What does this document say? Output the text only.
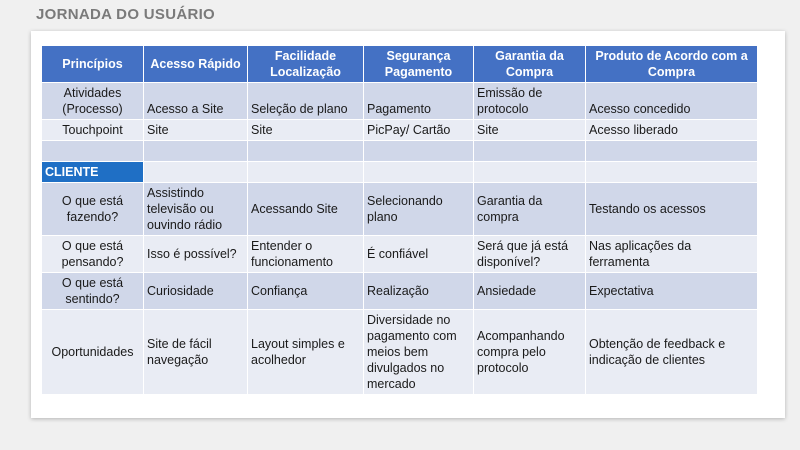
JORNADA DO USUÁRIO
Princípios	Acesso Rápido	Facilidade Localização	Segurança Pagamento	Garantia da Compra	Produto de Acordo com a Compra
Atividades (Processo)	Acesso a Site	Seleção de plano	Pagamento	Emissão de protocolo	Acesso concedido
Touchpoint	Site	Site	PicPay/ Cartão	Site	Acesso liberado

CLIENTE					
O que está fazendo?	Assistindo televisão ou ouvindo rádio	Acessando Site	Selecionando plano	Garantia da compra	Testando os acessos
O que está pensando?	Isso é possível?	Entender o funcionamento	É confiável	Será que já está disponível?	Nas aplicações da ferramenta
O que está sentindo?	Curiosidade	Confiança	Realização	Ansiedade	Expectativa
Oportunidades	Site de fácil navegação	Layout simples e acolhedor	Diversidade no pagamento com meios bem divulgados no mercado	Acompanhando compra pelo protocolo	Obtenção de feedback e indicação de clientes
